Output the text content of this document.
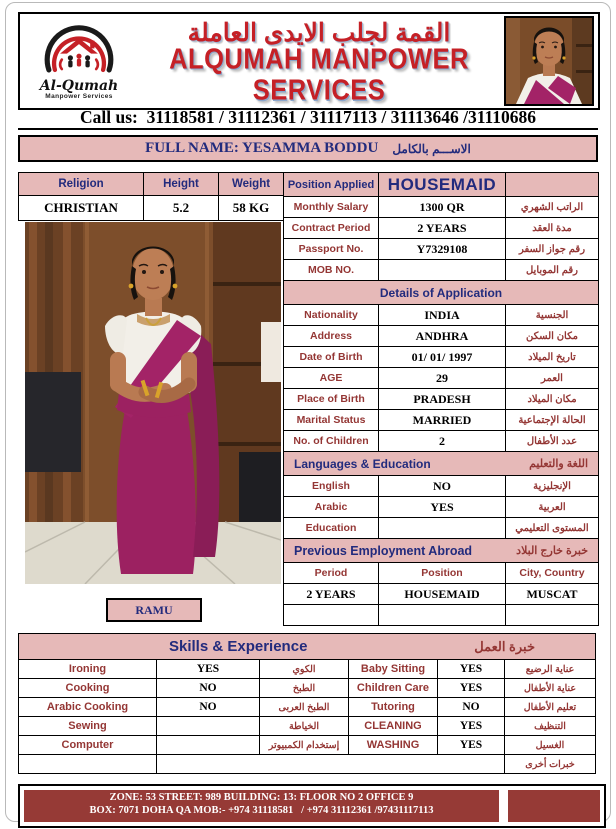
Al-Qumah
Manpower Services
القمة لجلب الايدى العاملة
ALQUMAH MANPOWER SERVICES
Call us: 31118581 / 31112361 / 31117113 / 31113646 /31110686
FULL NAME: YESAMMA BODDU الاســـم بالكامل
Religion	Height	Weight
CHRISTIAN	5.2	58 KG
RAMU
Position Applied	HOUSEMAID	
Monthly Salary	1300 QR	الراتب الشهري
Contract Period	2 YEARS	مدة العقد
Passport No.	Y7329108	رقم جواز السفر
MOB NO.		رقم الموبايل
Details of Application		
Nationality	INDIA	الجنسية
Address	ANDHRA	مكان السكن
Date of Birth	01/ 01/ 1997	تاريخ الميلاد
AGE	29	العمر
Place of Birth	PRADESH	مكان الميلاد
Marital Status	MARRIED	الحالة الإجتماعية
No. of Children	2	عدد الأطفال

Languages & Education اللغة والتعليم		

English	NO	الإنجليزية
Arabic	YES	العربية
Education		المستوى التعليمي

Previous Employment Abroad خبرة خارج البلاد		

Period	Position	City, Country
2 YEARS	HOUSEMAID	MUSCAT

Skills & Experience خبرة العمل					

Ironing	YES	الكوي	Baby Sitting	YES	عناية الرضيع
Cooking	NO	الطبخ	Children Care	YES	عناية الأطفال
Arabic Cooking	NO	الطبخ العربى	Tutoring	NO	تعليم الأطفال
Sewing		الخياطة	CLEANING	YES	التنظيف
Computer		إستخدام الكمبيوتر	WASHING	YES	الغسيل
					خبرات أخرى
ZONE: 53 STREET: 989 BUILDING: 13: FLOOR NO 2 OFFICE 9
BOX: 7071 DOHA QA MOB:- +974 31118581   / +974 31112361 /97431117113
